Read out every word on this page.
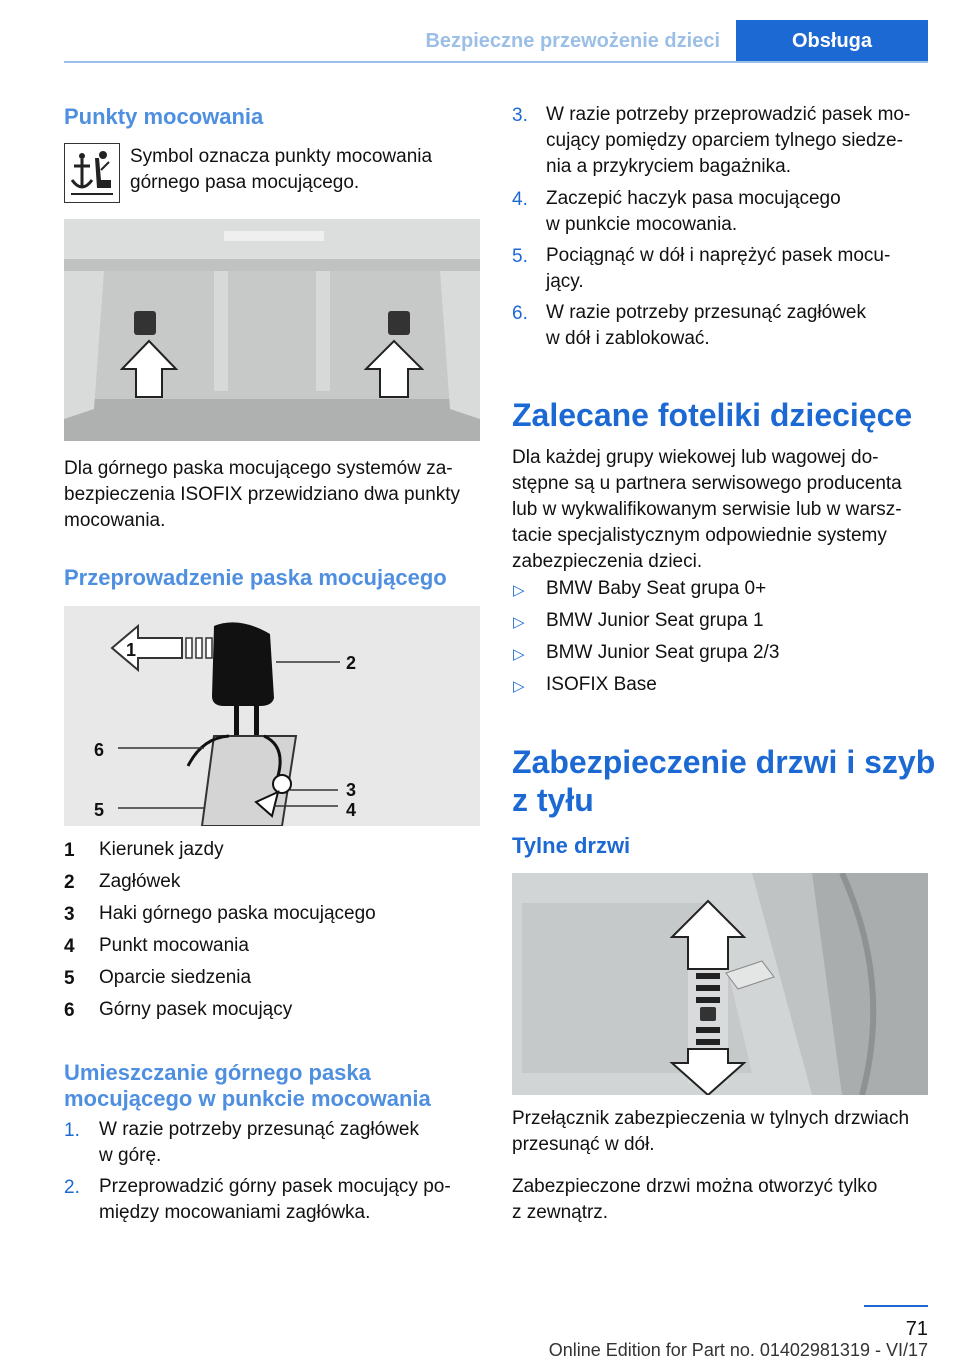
Bezpieczne przewożenie dzieci	Obsługa
Punkty mocowania
Symbol oznacza punkty mocowania
górnego pasa mocującego.
Dla górnego paska mocującego systemów za-
bezpieczenia ISOFIX przewidziano dwa punkty
mocowania.
Przeprowadzenie paska mocującego
1
2
3
4
5
6
1 Kierunek jazdy
2 Zagłówek
3 Haki górnego paska mocującego
4 Punkt mocowania
5 Oparcie siedzenia
6 Górny pasek mocujący
Umieszczanie górnego paska
mocującego w punkcie mocowania
1. W razie potrzeby przesunąć zagłówek
w górę.
2. Przeprowadzić górny pasek mocujący po-
między mocowaniami zagłówka.
3. W razie potrzeby przeprowadzić pasek mo-
cujący pomiędzy oparciem tylnego siedze-
nia a przykryciem bagażnika.
4. Zaczepić haczyk pasa mocującego
w punkcie mocowania.
5. Pociągnąć w dół i naprężyć pasek mocu-
jący.
6. W razie potrzeby przesunąć zagłówek
w dół i zablokować.
Zalecane foteliki dziecięce
Dla każdej grupy wiekowej lub wagowej do-
stępne są u partnera serwisowego producenta
lub w wykwalifikowanym serwisie lub w warsz-
tacie specjalistycznym odpowiednie systemy
zabezpieczenia dzieci.
▷ BMW Baby Seat grupa 0+
▷ BMW Junior Seat grupa 1
▷ BMW Junior Seat grupa 2/3
▷ ISOFIX Base
Zabezpieczenie drzwi i szyb
z tyłu
Tylne drzwi
Przełącznik zabezpieczenia w tylnych drzwiach
przesunąć w dół.
Zabezpieczone drzwi można otworzyć tylko
z zewnątrz.
71
Online Edition for Part no. 01402981319 - VI/17
